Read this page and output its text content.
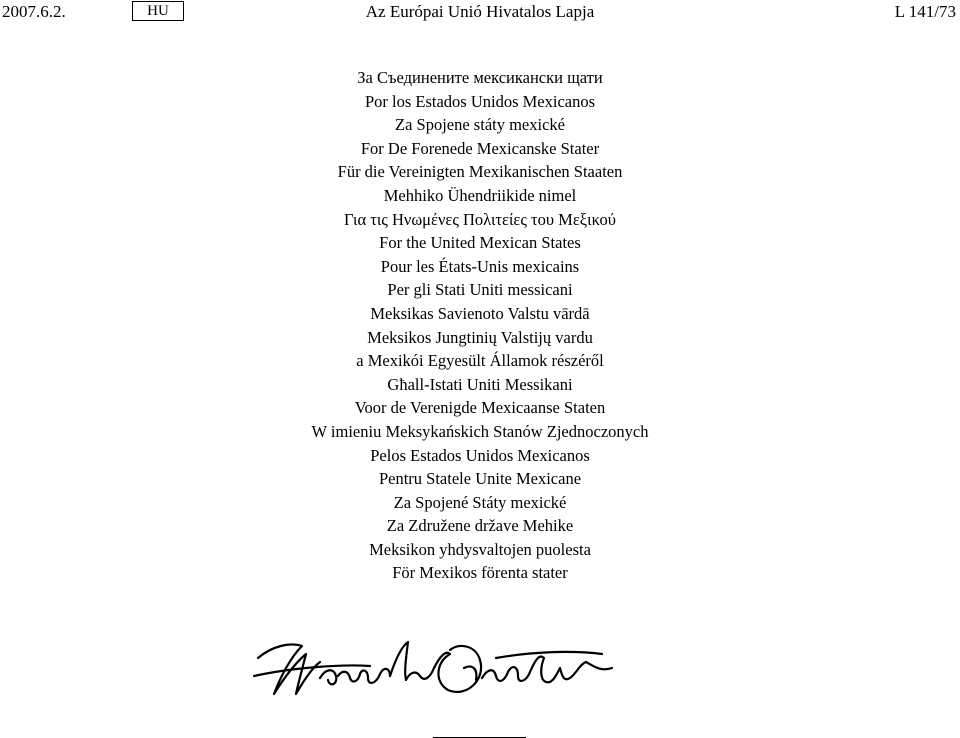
2007.6.2.	HU	Az Európai Unió Hivatalos Lapja	L 141/73
За Съединените мексикански щати
Por los Estados Unidos Mexicanos
Za Spojene státy mexické
For De Forenede Mexicanske Stater
Für die Vereinigten Mexikanischen Staaten
Mehhiko Ühendriikide nimel
Για τις Ηνωμένες Πολιτείες του Μεξικού
For the United Mexican States
Pour les États-Unis mexicains
Per gli Stati Uniti messicani
Meksikas Savienoto Valstu vārdā
Meksikos Jungtinių Valstijų vardu
a Mexikói Egyesült Államok részéről
Għall-Istati Uniti Messikani
Voor de Verenigde Mexicaanse Staten
W imieniu Meksykańskich Stanów Zjednoczonych
Pelos Estados Unidos Mexicanos
Pentru Statele Unite Mexicane
Za Spojené Státy mexické
Za Združene države Mehike
Meksikon yhdysvaltojen puolesta
För Mexikos förenta stater
